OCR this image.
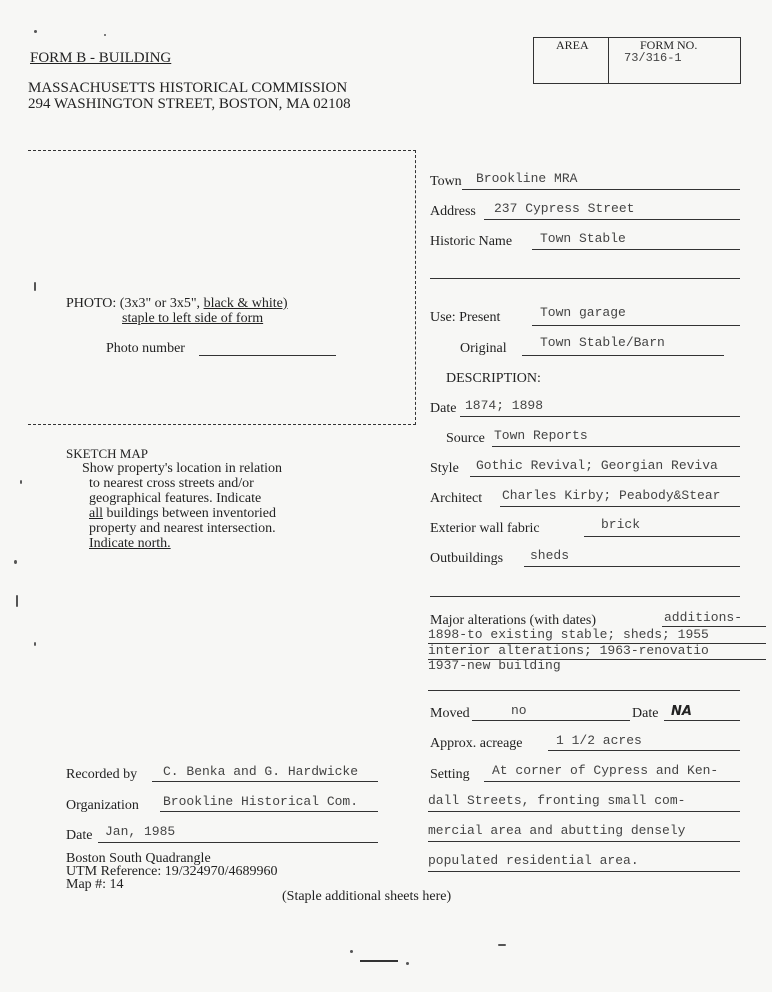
FORM B - BUILDING
AREA	FORM NO.
73/316-1
MASSACHUSETTS HISTORICAL COMMISSION
294 WASHINGTON STREET, BOSTON, MA 02108
PHOTO: (3x3" or 3x5", black & white)
staple to left side of form
Photo number
SKETCH MAP
Show property's location in relation
to nearest cross streets and/or
geographical features. Indicate
all buildings between inventoried
property and nearest intersection.
Indicate north.
Town Brookline MRA
Address 237 Cypress Street
Historic Name Town Stable
Use: Present	Town garage
Original	Town Stable/Barn
DESCRIPTION:
Date 1874; 1898
Source Town Reports
Style Gothic Revival; Georgian Reviva
Architect Charles Kirby; Peabody&Stear
Exterior wall fabric	brick
Outbuildings sheds
Major alterations (with dates)	additions-
1898-to existing stable; sheds; 1955
interior alterations; 1963-renovatio
1937-new building
Moved	no	Date NA
Approx. acreage	1 1/2 acres
Setting At corner of Cypress and Ken-
dall Streets, fronting small com-
mercial area and abutting densely
populated residential area.
Recorded by C. Benka and G. Hardwicke
Organization Brookline Historical Com.
Date Jan, 1985
Boston South Quadrangle
UTM Reference: 19/324970/4689960
Map #: 14
(Staple additional sheets here)
